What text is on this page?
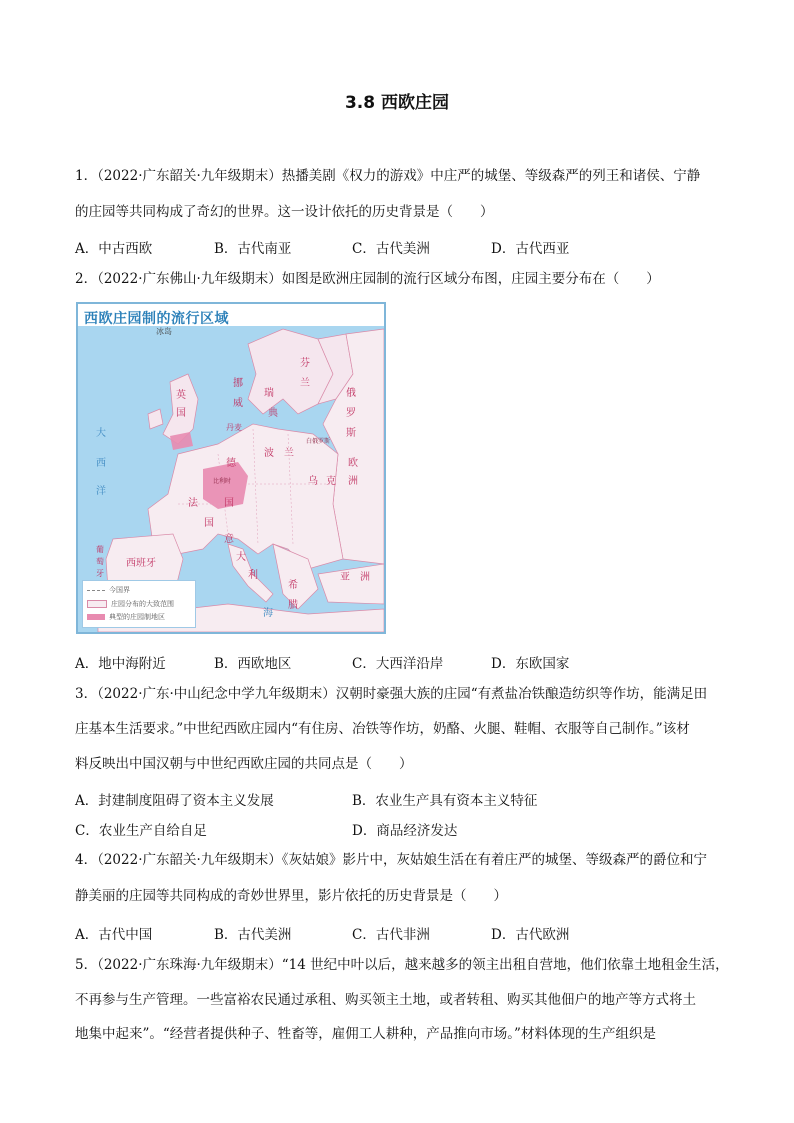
3.8 西欧庄园
1．（2022·广东韶关·九年级期末）热播美剧《权力的游戏》中庄严的城堡、等级森严的列王和诸侯、宁静
的庄园等共同构成了奇幻的世界。这一设计依托的历史背景是（　　）
A．中古西欧	B．古代南亚	C．古代美洲	D．古代西亚
2．（2022·广东佛山·九年级期末）如图是欧洲庄园制的流行区域分布图，庄园主要分布在（　　）
西欧庄园制的流行区域
冰岛
大
西
洋
芬
兰
瑞
典
挪
威
俄
罗
斯
英
国
丹麦
白俄罗斯
德
国
波 兰
法
国
比利时	乌 克
欧
洲
西班牙
葡
萄
牙
意
大
利
希
腊
亚 洲
海
今国界
庄园分布的大致范围
典型的庄园制地区
A．地中海附近	B．西欧地区	C．大西洋沿岸	D．东欧国家
3．（2022·广东·中山纪念中学九年级期末）汉朝时豪强大族的庄园“有煮盐冶铁酿造纺织等作坊，能满足田
庄基本生活要求。”中世纪西欧庄园内“有住房、冶铁等作坊，奶酪、火腿、鞋帽、衣服等自己制作。”该材
料反映出中国汉朝与中世纪西欧庄园的共同点是（　　）
A．封建制度阻碍了资本主义发展	B．农业生产具有资本主义特征
C．农业生产自给自足	D．商品经济发达
4．（2022·广东韶关·九年级期末）《灰姑娘》影片中，灰姑娘生活在有着庄严的城堡、等级森严的爵位和宁
静美丽的庄园等共同构成的奇妙世界里，影片依托的历史背景是（　　）
A．古代中国	B．古代美洲	C．古代非洲	D．古代欧洲
5．（2022·广东珠海·九年级期末）“14 世纪中叶以后，越来越多的领主出租自营地，他们依靠土地租金生活，
不再参与生产管理。一些富裕农民通过承租、购买领主土地，或者转租、购买其他佃户的地产等方式将土
地集中起来”。“经营者提供种子、牲畜等，雇佣工人耕种，产品推向市场。”材料体现的生产组织是
